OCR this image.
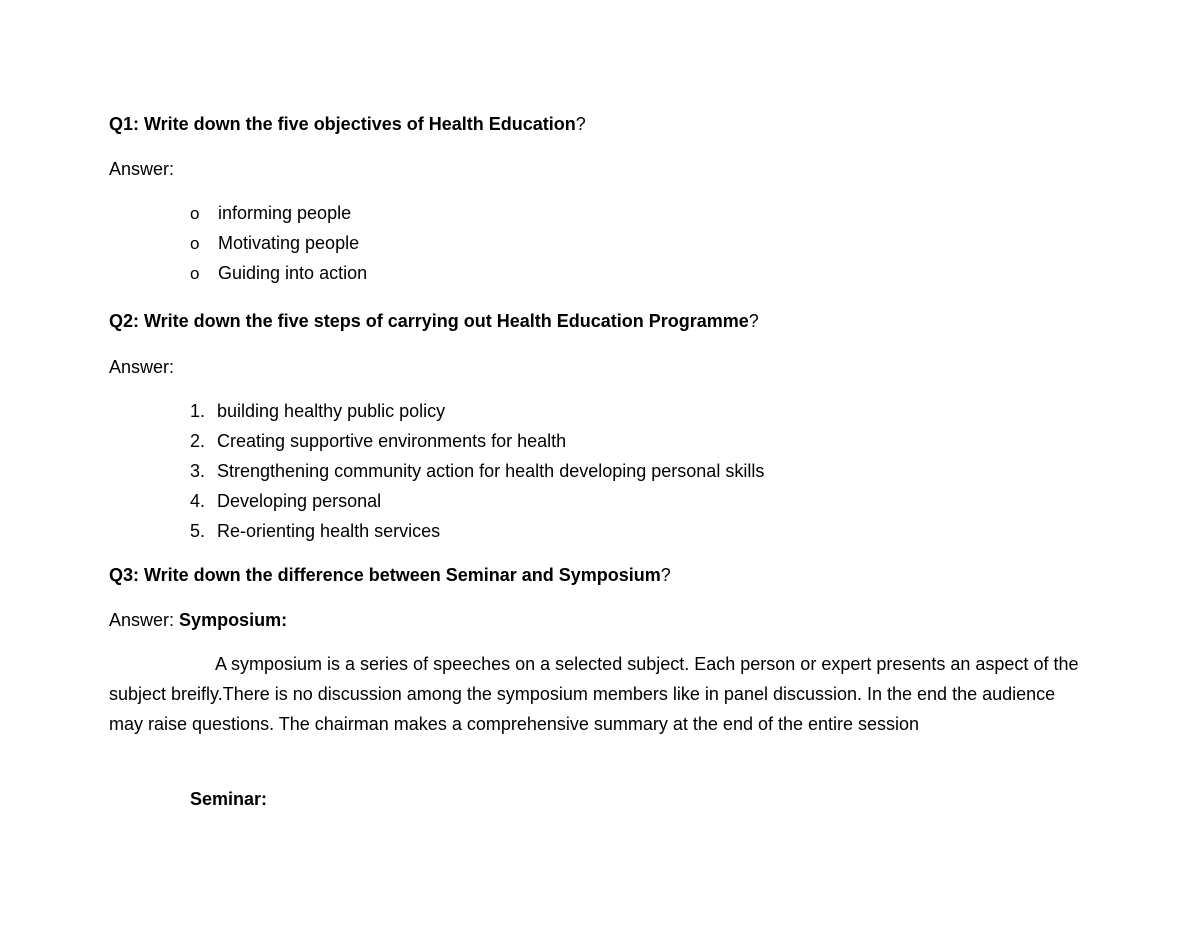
Q1: Write down the five objectives of Health Education?
Answer:
o informing people
o Motivating people
o Guiding into action
Q2: Write down the five steps of carrying out Health Education Programme?
Answer:
1. building healthy public policy
2. Creating supportive environments for health
3. Strengthening community action for health developing personal skills
4. Developing personal
5. Re-orienting health services
Q3: Write down the difference between Seminar and Symposium?
Answer: Symposium:

A symposium is a series of speeches on a selected subject. Each person or expert presents an aspect of the subject breifly.There is no discussion among the symposium members like in panel discussion. In the end the audience may raise questions. The chairman makes a comprehensive summary at the end of the entire session

Seminar:
